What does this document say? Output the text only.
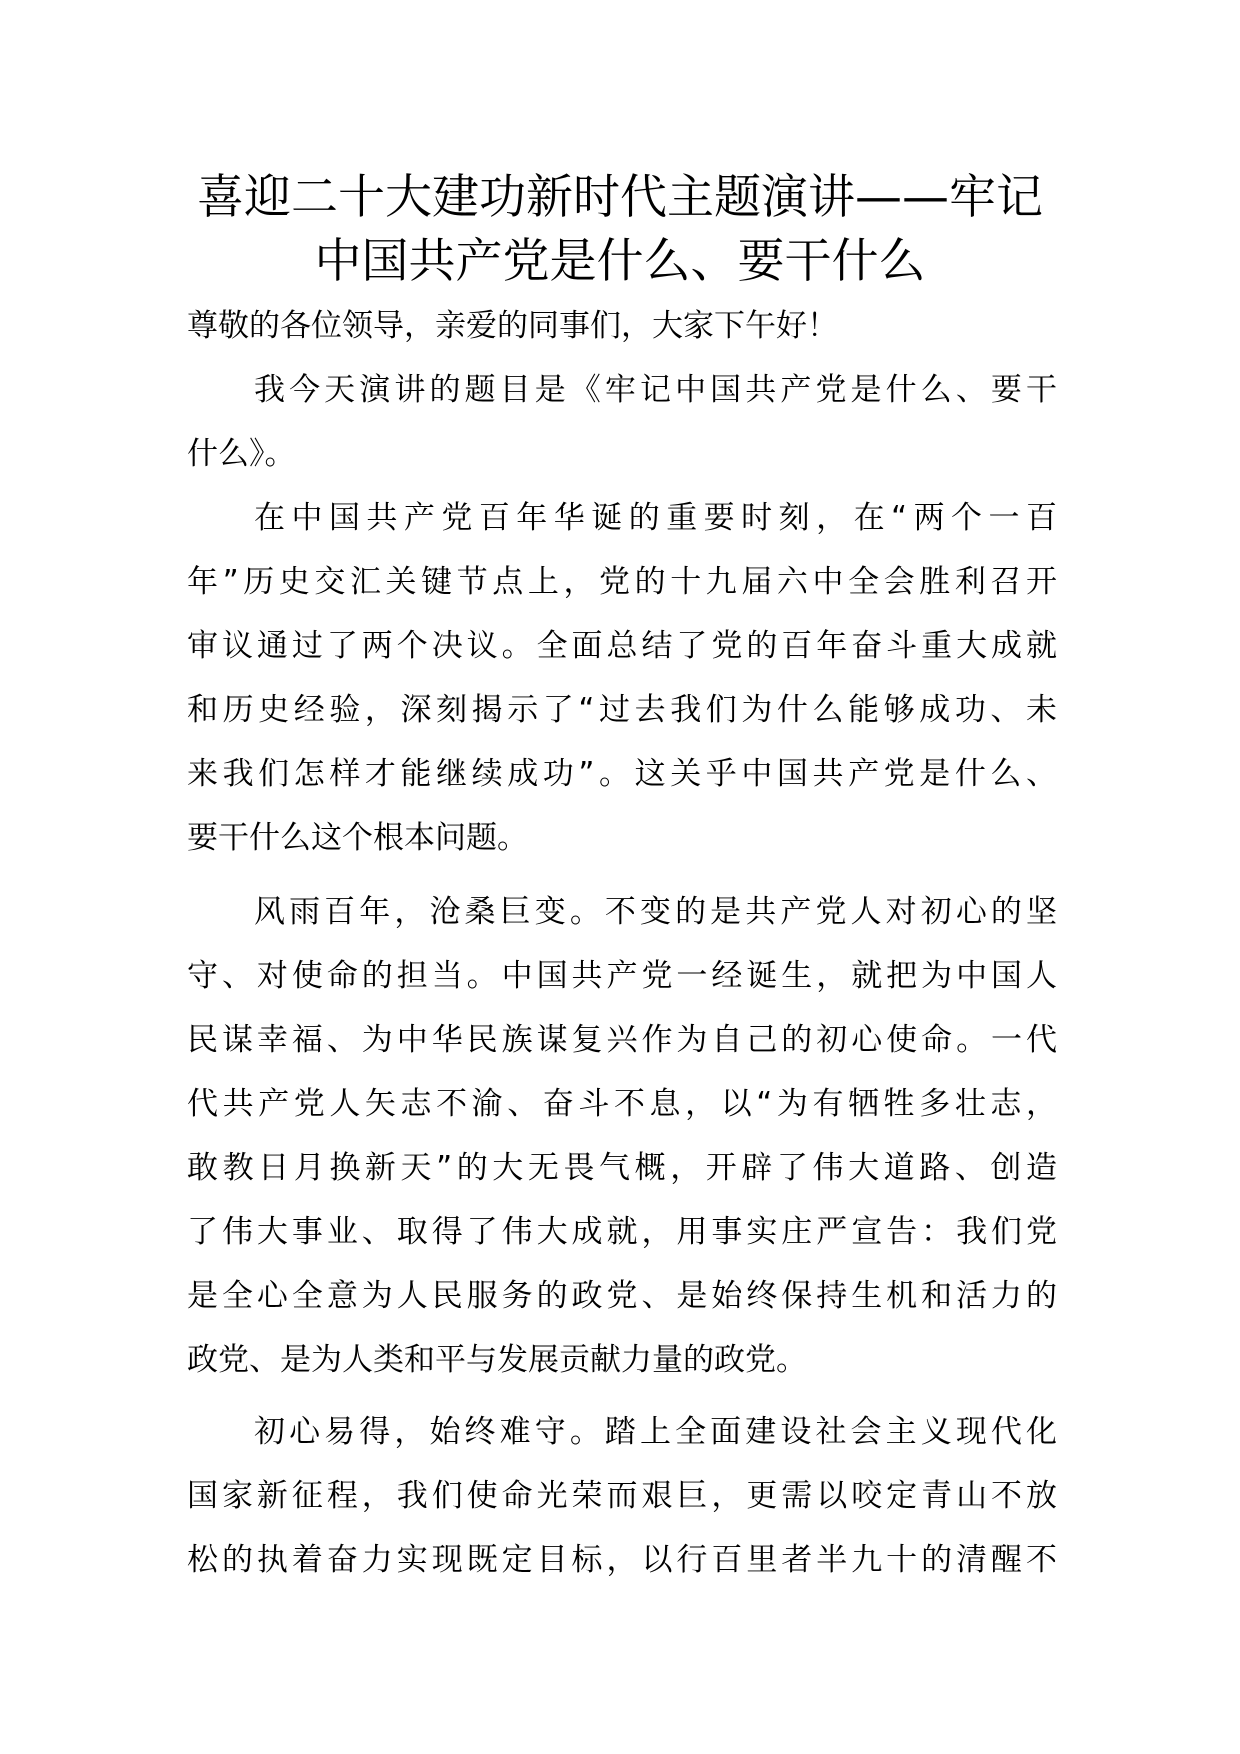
喜迎二十大建功新时代主题演讲——牢记
中国共产党是什么、要干什么

尊敬的各位领导，亲爱的同事们，大家下午好！

我今天演讲的题目是《牢记中国共产党是什么、要干

什么》。

在中国共产党百年华诞的重要时刻，在“两个一百

年”历史交汇关键节点上，党的十九届六中全会胜利召开

审议通过了两个决议。全面总结了党的百年奋斗重大成就

和历史经验，深刻揭示了“过去我们为什么能够成功、未

来我们怎样才能继续成功”。这关乎中国共产党是什么、

要干什么这个根本问题。

风雨百年，沧桑巨变。不变的是共产党人对初心的坚

守、对使命的担当。中国共产党一经诞生，就把为中国人

民谋幸福、为中华民族谋复兴作为自己的初心使命。一代

代共产党人矢志不渝、奋斗不息，以“为有牺牲多壮志，

敢教日月换新天”的大无畏气概，开辟了伟大道路、创造

了伟大事业、取得了伟大成就，用事实庄严宣告：我们党

是全心全意为人民服务的政党、是始终保持生机和活力的

政党、是为人类和平与发展贡献力量的政党。

初心易得，始终难守。踏上全面建设社会主义现代化

国家新征程，我们使命光荣而艰巨，更需以咬定青山不放

松的执着奋力实现既定目标，以行百里者半九十的清醒不
